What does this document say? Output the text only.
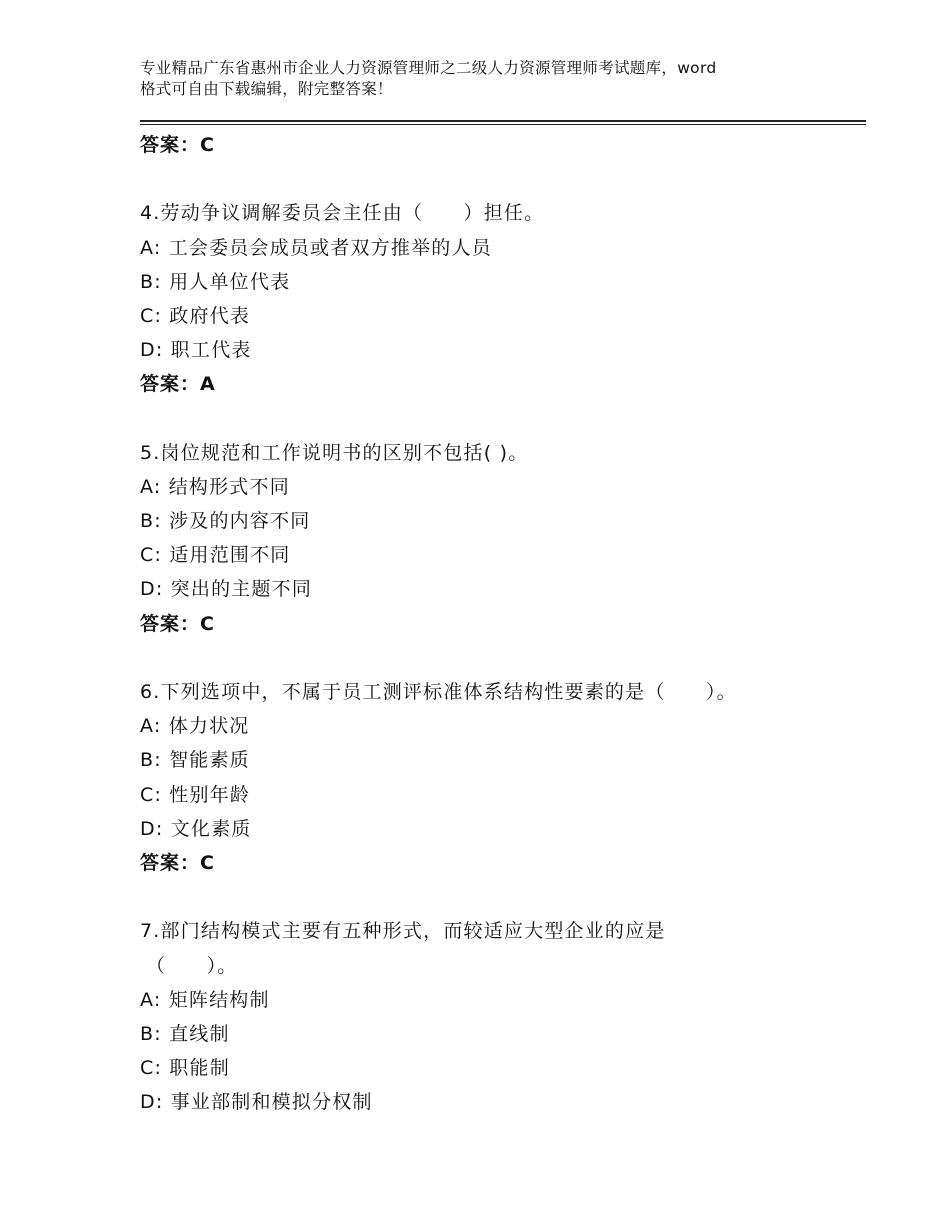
专业精品广东省惠州市企业人力资源管理师之二级人力资源管理师考试题库，word
格式可自由下载编辑，附完整答案！
答案：C
4.劳动争议调解委员会主任由（　　）担任。
A: 工会委员会成员或者双方推举的人员
B: 用人单位代表
C: 政府代表
D: 职工代表
答案：A
5.岗位规范和工作说明书的区别不包括( )。
A: 结构形式不同
B: 涉及的内容不同
C: 适用范围不同
D: 突出的主题不同
答案：C
6.下列选项中，不属于员工测评标准体系结构性要素的是（　　）。
A: 体力状况
B: 智能素质
C: 性别年龄
D: 文化素质
答案：C
7.部门结构模式主要有五种形式，而较适应大型企业的应是
（　　）。
A: 矩阵结构制
B: 直线制
C: 职能制
D: 事业部制和模拟分权制
